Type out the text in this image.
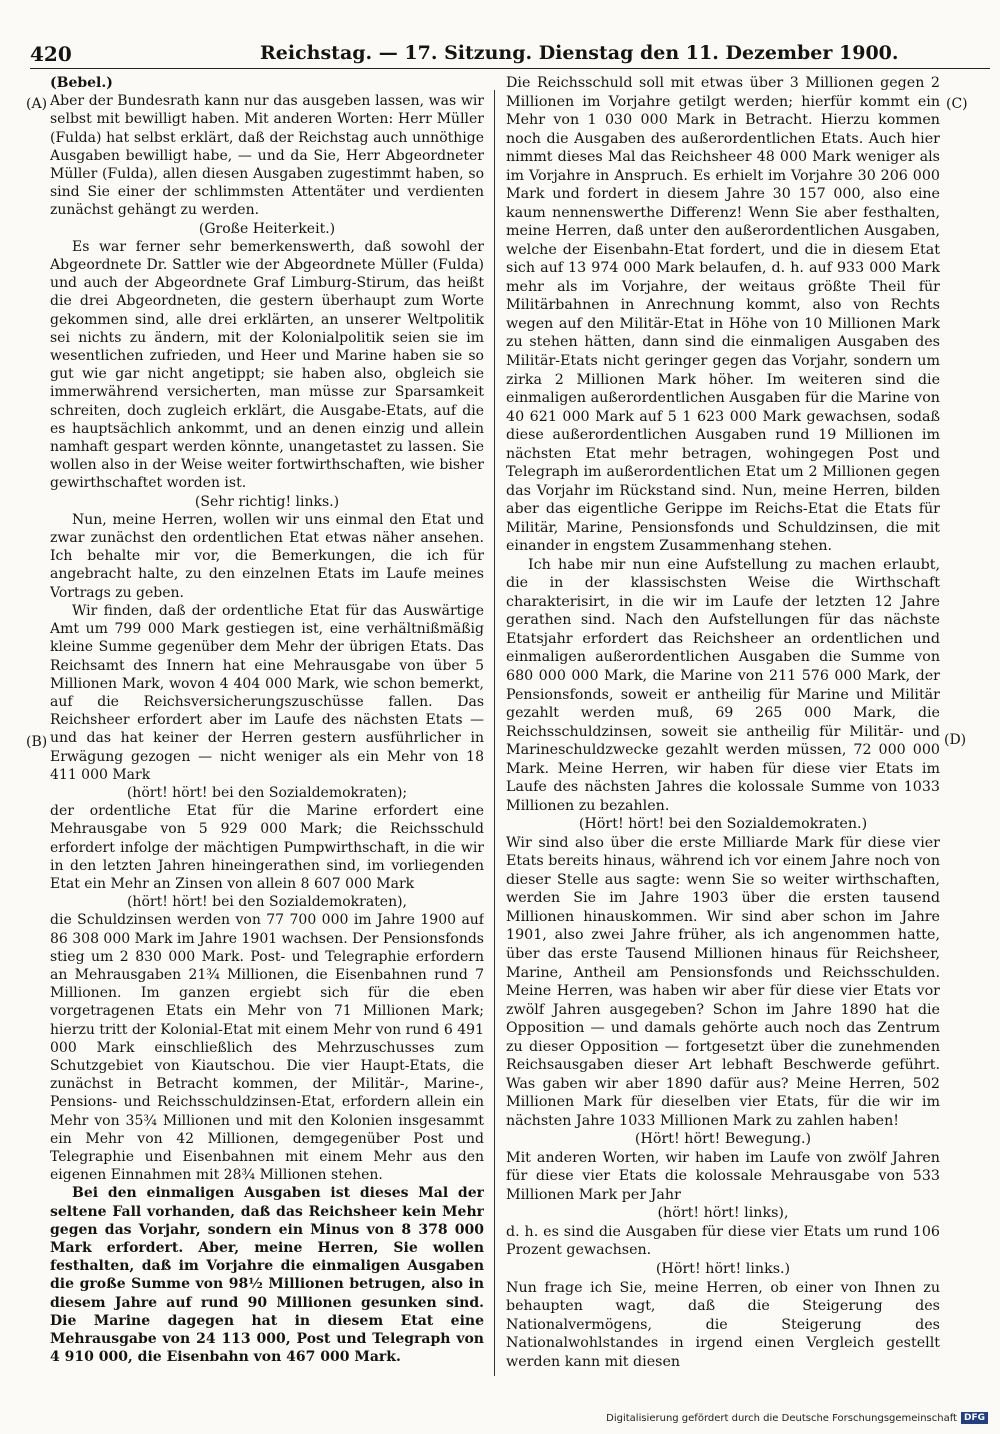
420	Reichstag. — 17. Sitzung. Dienstag den 11. Dezember 1900.
(A)
(B)
(C)
(D)

(Bebel.)

Aber der Bundesrath kann nur das ausgeben lassen, was wir selbst mit bewilligt haben. Mit anderen Worten: Herr Müller (Fulda) hat selbst erklärt, daß der Reichstag auch unnöthige Ausgaben bewilligt habe, — und da Sie, Herr Abgeordneter Müller (Fulda), allen diesen Ausgaben zugestimmt haben, so sind Sie einer der schlimmsten Attentäter und verdienten zunächst gehängt zu werden.

(Große Heiterkeit.)

Es war ferner sehr bemerkenswerth, daß sowohl der Abgeordnete Dr. Sattler wie der Abgeordnete Müller (Fulda) und auch der Abgeordnete Graf Limburg-Stirum, das heißt die drei Abgeordneten, die gestern überhaupt zum Worte gekommen sind, alle drei erklärten, an unserer Weltpolitik sei nichts zu ändern, mit der Kolonialpolitik seien sie im wesentlichen zufrieden, und Heer und Marine haben sie so gut wie gar nicht angetippt; sie haben also, obgleich sie immerwährend versicherten, man müsse zur Sparsamkeit schreiten, doch zugleich erklärt, die Ausgabe-Etats, auf die es hauptsächlich ankommt, und an denen einzig und allein namhaft gespart werden könnte, unangetastet zu lassen. Sie wollen also in der Weise weiter fortwirthschaften, wie bisher gewirthschaftet worden ist.

(Sehr richtig! links.)

Nun, meine Herren, wollen wir uns einmal den Etat und zwar zunächst den ordentlichen Etat etwas näher ansehen. Ich behalte mir vor, die Bemerkungen, die ich für angebracht halte, zu den einzelnen Etats im Laufe meines Vortrags zu geben.

Wir finden, daß der ordentliche Etat für das Auswärtige Amt um 799 000 Mark gestiegen ist, eine verhältnißmäßig kleine Summe gegenüber dem Mehr der übrigen Etats. Das Reichsamt des Innern hat eine Mehrausgabe von über 5 Millionen Mark, wovon 4 404 000 Mark, wie schon bemerkt, auf die Reichsversicherungszuschüsse fallen. Das Reichsheer erfordert aber im Laufe des nächsten Etats — und das hat keiner der Herren gestern ausführlicher in Erwägung gezogen — nicht weniger als ein Mehr von 18 411 000 Mark

(hört! hört! bei den Sozialdemokraten);

der ordentliche Etat für die Marine erfordert eine Mehrausgabe von 5 929 000 Mark; die Reichsschuld erfordert infolge der mächtigen Pumpwirthschaft, in die wir in den letzten Jahren hineingerathen sind, im vorliegenden Etat ein Mehr an Zinsen von allein 8 607 000 Mark

(hört! hört! bei den Sozialdemokraten),

die Schuldzinsen werden von 77 700 000 im Jahre 1900 auf 86 308 000 Mark im Jahre 1901 wachsen. Der Pensionsfonds stieg um 2 830 000 Mark. Post- und Telegraphie erfordern an Mehrausgaben 21¾ Millionen, die Eisenbahnen rund 7 Millionen. Im ganzen ergiebt sich für die eben vorgetragenen Etats ein Mehr von 71 Millionen Mark; hierzu tritt der Kolonial-Etat mit einem Mehr von rund 6 491 000 Mark einschließlich des Mehrzuschusses zum Schutzgebiet von Kiautschou. Die vier Haupt-Etats, die zunächst in Betracht kommen, der Militär-, Marine-, Pensions- und Reichsschuldzinsen-Etat, erfordern allein ein Mehr von 35¾ Millionen und mit den Kolonien insgesammt ein Mehr von 42 Millionen, demgegenüber Post und Telegraphie und Eisenbahnen mit einem Mehr aus den eigenen Einnahmen mit 28¾ Millionen stehen.

Bei den einmaligen Ausgaben ist dieses Mal der seltene Fall vorhanden, daß das Reichsheer kein Mehr gegen das Vorjahr, sondern ein Minus von 8 378 000 Mark erfordert. Aber, meine Herren, Sie wollen festhalten, daß im Vorjahre die einmaligen Ausgaben die große Summe von 98½ Millionen betrugen, also in diesem Jahre auf rund 90 Millionen gesunken sind. Die Marine dagegen hat in diesem Etat eine Mehrausgabe von 24 113 000, Post und Telegraph von 4 910 000, die Eisenbahn von 467 000 Mark.

Die Reichsschuld soll mit etwas über 3 Millionen gegen 2 Millionen im Vorjahre getilgt werden; hierfür kommt ein Mehr von 1 030 000 Mark in Betracht. Hierzu kommen noch die Ausgaben des außerordentlichen Etats. Auch hier nimmt dieses Mal das Reichsheer 48 000 Mark weniger als im Vorjahre in Anspruch. Es erhielt im Vorjahre 30 206 000 Mark und fordert in diesem Jahre 30 157 000, also eine kaum nennenswerthe Differenz! Wenn Sie aber festhalten, meine Herren, daß unter den außerordentlichen Ausgaben, welche der Eisenbahn-Etat fordert, und die in diesem Etat sich auf 13 974 000 Mark belaufen, d. h. auf 933 000 Mark mehr als im Vorjahre, der weitaus größte Theil für Militärbahnen in Anrechnung kommt, also von Rechts wegen auf den Militär-Etat in Höhe von 10 Millionen Mark zu stehen hätten, dann sind die einmaligen Ausgaben des Militär-Etats nicht geringer gegen das Vorjahr, sondern um zirka 2 Millionen Mark höher. Im weiteren sind die einmaligen außerordentlichen Ausgaben für die Marine von 40 621 000 Mark auf 5 1 623 000 Mark gewachsen, sodaß diese außerordentlichen Ausgaben rund 19 Millionen im nächsten Etat mehr betragen, wohingegen Post und Telegraph im außerordentlichen Etat um 2 Millionen gegen das Vorjahr im Rückstand sind. Nun, meine Herren, bilden aber das eigentliche Gerippe im Reichs-Etat die Etats für Militär, Marine, Pensionsfonds und Schuldzinsen, die mit einander in engstem Zusammenhang stehen.

Ich habe mir nun eine Aufstellung zu machen erlaubt, die in der klassischsten Weise die Wirthschaft charakterisirt, in die wir im Laufe der letzten 12 Jahre gerathen sind. Nach den Aufstellungen für das nächste Etatsjahr erfordert das Reichsheer an ordentlichen und einmaligen außerordentlichen Ausgaben die Summe von 680 000 000 Mark, die Marine von 211 576 000 Mark, der Pensionsfonds, soweit er antheilig für Marine und Militär gezahlt werden muß, 69 265 000 Mark, die Reichsschuldzinsen, soweit sie antheilig für Militär- und Marineschuldzwecke gezahlt werden müssen, 72 000 000 Mark. Meine Herren, wir haben für diese vier Etats im Laufe des nächsten Jahres die kolossale Summe von 1033 Millionen zu bezahlen.

(Hört! hört! bei den Sozialdemokraten.)

Wir sind also über die erste Milliarde Mark für diese vier Etats bereits hinaus, während ich vor einem Jahre noch von dieser Stelle aus sagte: wenn Sie so weiter wirthschaften, werden Sie im Jahre 1903 über die ersten tausend Millionen hinauskommen. Wir sind aber schon im Jahre 1901, also zwei Jahre früher, als ich angenommen hatte, über das erste Tausend Millionen hinaus für Reichsheer, Marine, Antheil am Pensionsfonds und Reichsschulden. Meine Herren, was haben wir aber für diese vier Etats vor zwölf Jahren ausgegeben? Schon im Jahre 1890 hat die Opposition — und damals gehörte auch noch das Zentrum zu dieser Opposition — fortgesetzt über die zunehmenden Reichsausgaben dieser Art lebhaft Beschwerde geführt. Was gaben wir aber 1890 dafür aus? Meine Herren, 502 Millionen Mark für dieselben vier Etats, für die wir im nächsten Jahre 1033 Millionen Mark zu zahlen haben!

(Hört! hört! Bewegung.)

Mit anderen Worten, wir haben im Laufe von zwölf Jahren für diese vier Etats die kolossale Mehrausgabe von 533 Millionen Mark per Jahr

(hört! hört! links),

d. h. es sind die Ausgaben für diese vier Etats um rund 106 Prozent gewachsen.

(Hört! hört! links.)

Nun frage ich Sie, meine Herren, ob einer von Ihnen zu behaupten wagt, daß die Steigerung des Nationalvermögens, die Steigerung des Nationalwohlstandes in irgend einen Vergleich gestellt werden kann mit diesen

Digitalisierung gefördert durch die Deutsche Forschungsgemeinschaft DFG
